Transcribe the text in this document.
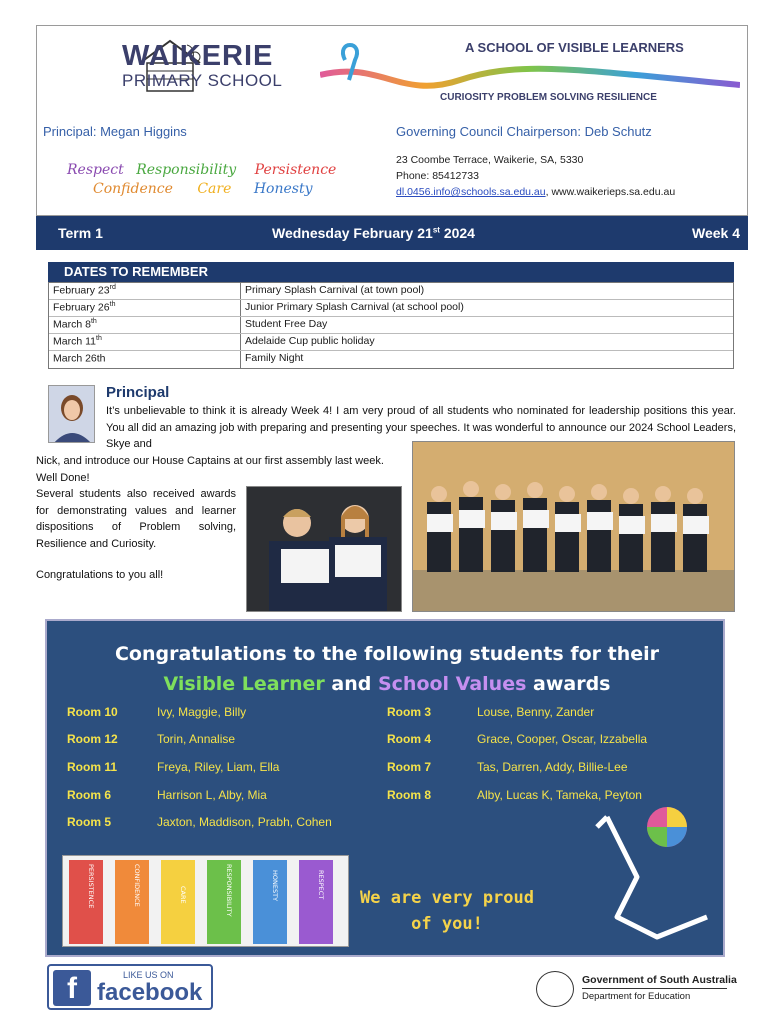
WAIKERIE
PRIMARY SCHOOL
A SCHOOL OF VISIBLE LEARNERS
CURIOSITY PROBLEM SOLVING RESILIENCE
Principal: Megan Higgins	Governing Council Chairperson: Deb Schutz
Respect Responsibility Persistence
Confidence Care Honesty
23 Coombe Terrace, Waikerie, SA, 5330
Phone: 85412733
dl.0456.info@schools.sa.edu.au, www.waikerieps.sa.edu.au
Term 1	Wednesday February 21st 2024	Week 4
DATES TO REMEMBER
February 23rd	Primary Splash Carnival (at town pool)
February 26th	Junior Primary Splash Carnival (at school pool)
March 8th	Student Free Day
March 11th	Adelaide Cup public holiday
March 26th	Family Night
Principal
It’s unbelievable to think it is already Week 4! I am very proud of all students who nominated for leadership positions this year. You all did an amazing job with preparing and presenting your speeches. It was wonderful to announce our 2024 School Leaders, Skye and
Nick, and introduce our House Captains at our first assembly last week. Well Done!
Several students also received awards for demonstrating values and learner dispositions of Problem solving, Resilience and Curiosity.
Congratulations to you all!
Congratulations to the following students for their
Visible Learner and School Values awards
Room 10	Ivy, Maggie, Billy
Room 12	Torin, Annalise
Room 11	Freya, Riley, Liam, Ella
Room 6	Harrison L, Alby, Mia
Room 5	Jaxton, Maddison, Prabh, Cohen
Room 3	Louse, Benny, Zander
Room 4	Grace, Cooper, Oscar, Izzabella
Room 7	Tas, Darren, Addy, Billie-Lee
Room 8	Alby, Lucas K, Tameka, Peyton
PERSISTENCE	CONFIDENCE	CARE	RESPONSIBILITY	HONESTY	RESPECT	We are very proud
of you!
f	LIKE US ON
facebook	Government of South Australia
Department for Education
